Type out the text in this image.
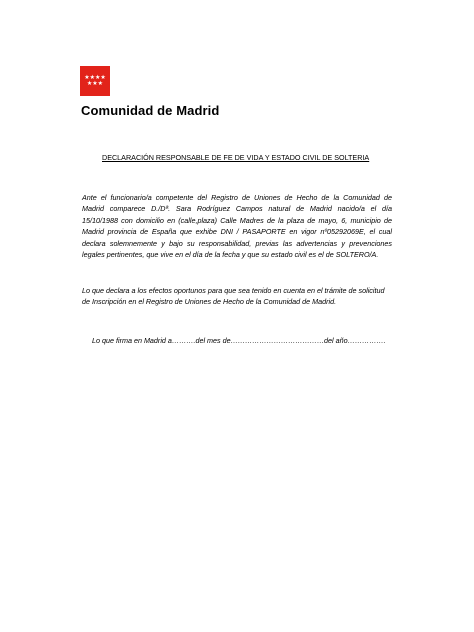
★★★★
★★★
Comunidad de Madrid
DECLARACIÓN RESPONSABLE DE FE DE VIDA Y ESTADO CIVIL DE SOLTERIA
Ante el funcionario/a competente del Registro de Uniones de Hecho de la Comunidad de
Madrid comparece D./Dª. Sara Rodríguez Campos natural de Madrid nacido/a el día
15/10/1988 con domicilio en (calle,plaza) Calle Madres de la plaza de mayo, 6, municipio de
Madrid provincia de España que exhibe DNI / PASAPORTE en vigor nº05292069E, el cual
declara solemnemente y bajo su responsabilidad, previas las advertencias y prevenciones
legales pertinentes, que vive en el día de la fecha y que su estado civil es el de SOLTERO/A.
Lo que declara a los efectos oportunos para que sea tenido en cuenta en el trámite de solicitud
de Inscripción en el Registro de Uniones de Hecho de la Comunidad de Madrid.
Lo que firma en Madrid a……….del mes de…………………………………del año…………….
